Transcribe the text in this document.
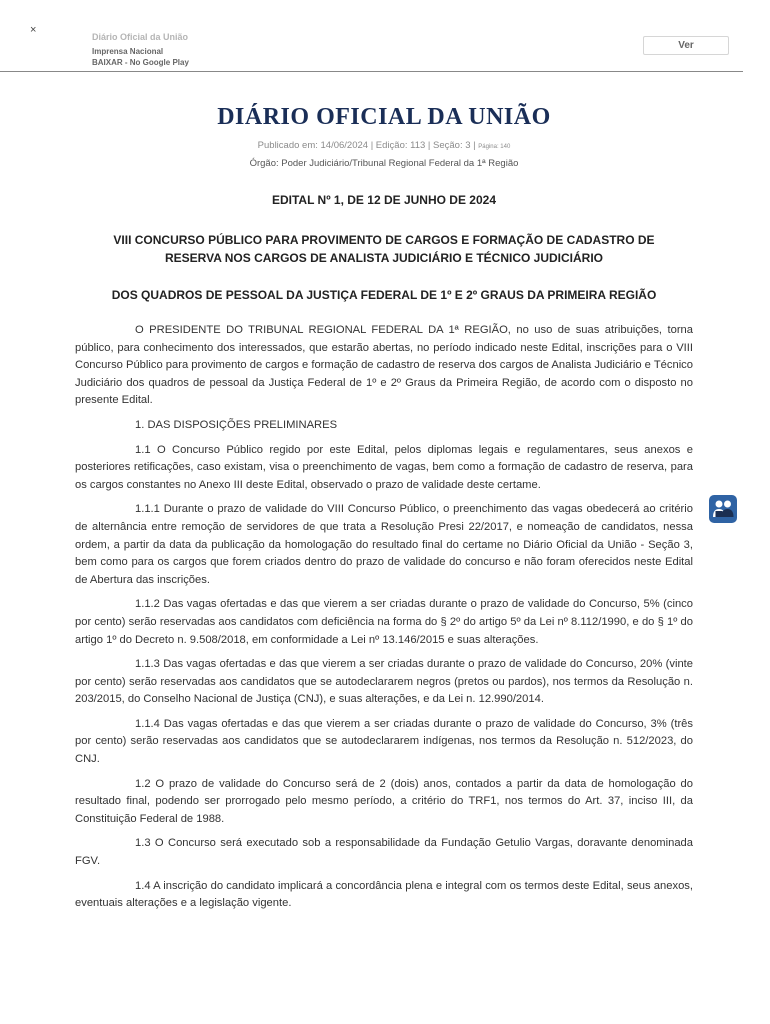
×
Diário Oficial da União
Imprensa Nacional
BAIXAR - No Google Play
Ver
DIÁRIO OFICIAL DA UNIÃO
Publicado em: 14/06/2024 | Edição: 113 | Seção: 3 | Página: 140
Órgão: Poder Judiciário/Tribunal Regional Federal da 1ª Região
EDITAL Nº 1, DE 12 DE JUNHO DE 2024
VIII CONCURSO PÚBLICO PARA PROVIMENTO DE CARGOS E FORMAÇÃO DE CADASTRO DE
RESERVA NOS CARGOS DE ANALISTA JUDICIÁRIO E TÉCNICO JUDICIÁRIO
DOS QUADROS DE PESSOAL DA JUSTIÇA FEDERAL DE 1º E 2º GRAUS DA PRIMEIRA REGIÃO

O PRESIDENTE DO TRIBUNAL REGIONAL FEDERAL DA 1ª REGIÃO, no uso de suas atribuições, torna público, para conhecimento dos interessados, que estarão abertas, no período indicado neste Edital, inscrições para o VIII Concurso Público para provimento de cargos e formação de cadastro de reserva dos cargos de Analista Judiciário e Técnico Judiciário dos quadros de pessoal da Justiça Federal de 1º e 2º Graus da Primeira Região, de acordo com o disposto no presente Edital.

1. DAS DISPOSIÇÕES PRELIMINARES

1.1 O Concurso Público regido por este Edital, pelos diplomas legais e regulamentares, seus anexos e posteriores retificações, caso existam, visa o preenchimento de vagas, bem como a formação de cadastro de reserva, para os cargos constantes no Anexo III deste Edital, observado o prazo de validade deste certame.

1.1.1 Durante o prazo de validade do VIII Concurso Público, o preenchimento das vagas obedecerá ao critério de alternância entre remoção de servidores de que trata a Resolução Presi 22/2017, e nomeação de candidatos, nessa ordem, a partir da data da publicação da homologação do resultado final do certame no Diário Oficial da União - Seção 3, bem como para os cargos que forem criados dentro do prazo de validade do concurso e não foram oferecidos neste Edital de Abertura das inscrições.

1.1.2 Das vagas ofertadas e das que vierem a ser criadas durante o prazo de validade do Concurso, 5% (cinco por cento) serão reservadas aos candidatos com deficiência na forma do § 2º do artigo 5º da Lei nº 8.112/1990, e do § 1º do artigo 1º do Decreto n. 9.508/2018, em conformidade a Lei nº 13.146/2015 e suas alterações.

1.1.3 Das vagas ofertadas e das que vierem a ser criadas durante o prazo de validade do Concurso, 20% (vinte por cento) serão reservadas aos candidatos que se autodeclararem negros (pretos ou pardos), nos termos da Resolução n. 203/2015, do Conselho Nacional de Justiça (CNJ), e suas alterações, e da Lei n. 12.990/2014.

1.1.4 Das vagas ofertadas e das que vierem a ser criadas durante o prazo de validade do Concurso, 3% (três por cento) serão reservadas aos candidatos que se autodeclararem indígenas, nos termos da Resolução n. 512/2023, do CNJ.

1.2 O prazo de validade do Concurso será de 2 (dois) anos, contados a partir da data de homologação do resultado final, podendo ser prorrogado pelo mesmo período, a critério do TRF1, nos termos do Art. 37, inciso III, da Constituição Federal de 1988.

1.3 O Concurso será executado sob a responsabilidade da Fundação Getulio Vargas, doravante denominada FGV.

1.4 A inscrição do candidato implicará a concordância plena e integral com os termos deste Edital, seus anexos, eventuais alterações e a legislação vigente.
